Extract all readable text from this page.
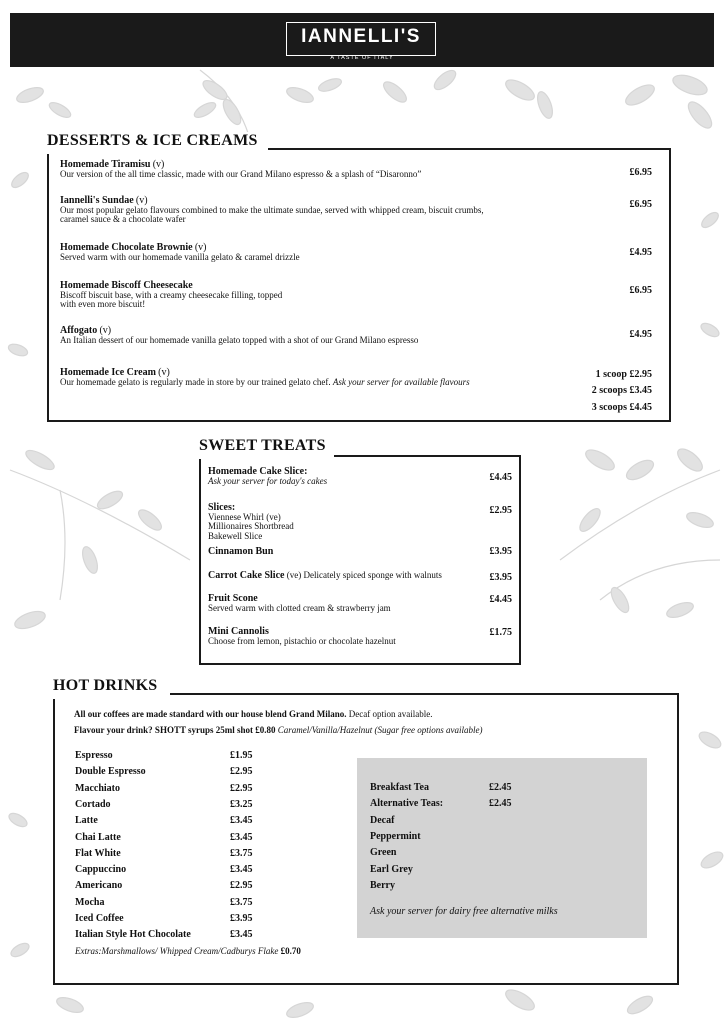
IANNELLI'S
A TASTE OF ITALY
DESSERTS & ICE CREAMS
Homemade Tiramisu (v)
Our version of the all time classic, made with our Grand Milano espresso & a splash of “Disaronno”	£6.95
Iannelli's Sundae (v)
Our most popular gelato flavours combined to make the ultimate sundae, served with whipped cream, biscuit crumbs,
caramel sauce & a chocolate wafer
£6.95
Homemade Chocolate Brownie (v)
Served warm with our homemade vanilla gelato & caramel drizzle	£4.95
Homemade Biscoff Cheesecake
Biscoff biscuit base, with a creamy cheesecake filling, topped
with even more biscuit!
£6.95
Affogato (v)
An Italian dessert of our homemade vanilla gelato topped with a shot of our Grand Milano espresso	£4.95
Homemade Ice Cream (v)
Our homemade gelato is regularly made in store by our trained gelato chef. Ask your server for available flavours
1 scoop £2.95
2 scoops £3.45
3 scoops £4.45
SWEET TREATS
Homemade Cake Slice:
Ask your server for today's cakes	£4.45
Slices:
Viennese Whirl (ve)
Millionaires Shortbread
Bakewell Slice
£2.95
Cinnamon Bun	£3.95
Carrot Cake Slice (ve) Delicately spiced sponge with walnuts	£3.95
Fruit Scone
Served warm with clotted cream & strawberry jam
£4.45
Mini Cannolis
Choose from lemon, pistachio or chocolate hazelnut
£1.75
HOT DRINKS
All our coffees are made standard with our house blend Grand Milano. Decaf option available.
Flavour your drink? SHOTT syrups 25ml shot £0.80 Caramel/Vanilla/Hazelnut (Sugar free options available)
Espresso	£1.95
Double Espresso	£2.95
Macchiato	£2.95
Cortado	£3.25
Latte	£3.45
Chai Latte	£3.45
Flat White	£3.75
Cappuccino	£3.45
Americano	£2.95
Mocha	£3.75
Iced Coffee	£3.95
Italian Style Hot Chocolate	£3.45
Extras:Marshmallows/ Whipped Cream/Cadburys Flake £0.70
Breakfast Tea	£2.45
Alternative Teas:	£2.45
Decaf
Peppermint
Green
Earl Grey
Berry
Ask your server for dairy free alternative milks
